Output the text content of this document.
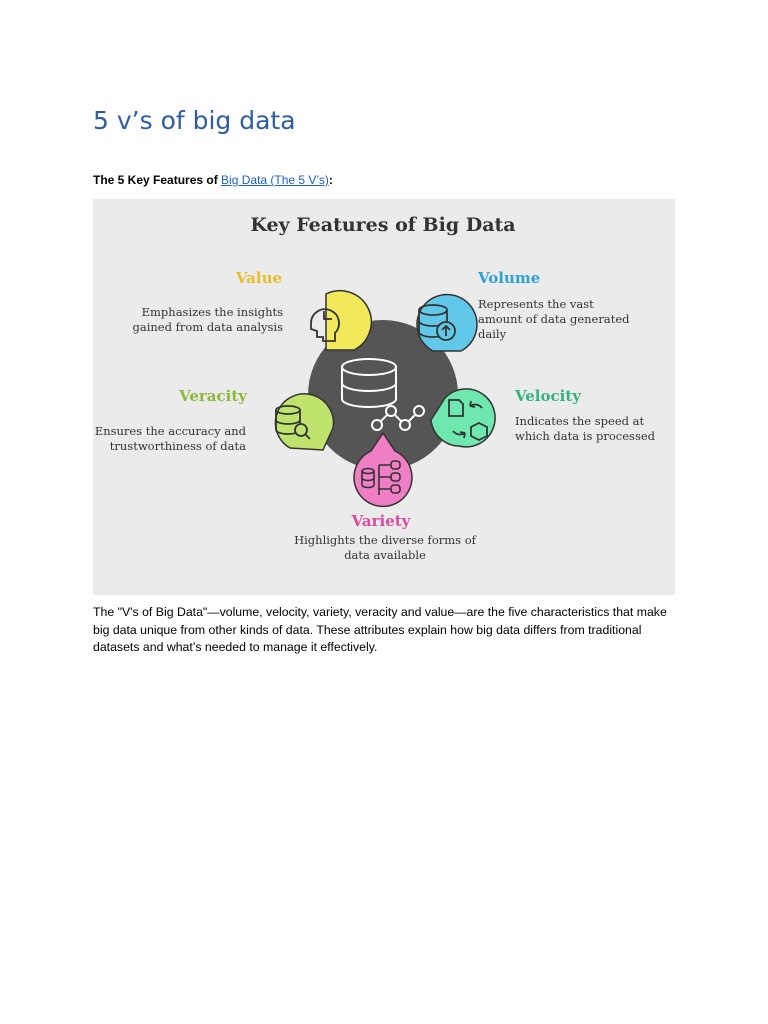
5 v’s of big data

The 5 Key Features of Big Data (The 5 V’s):

Key Features of Big Data
Value
Emphasizes the insights
gained from data analysis
Volume
Represents the vast
amount of data generated
daily
Veracity
Ensures the accuracy and
trustworthiness of data
Velocity
Indicates the speed at
which data is processed
Variety
Highlights the diverse forms of
data available

The "V's of Big Data"—volume, velocity, variety, veracity and value—are the five characteristics that make big data unique from other kinds of data. These attributes explain how big data differs from traditional datasets and what’s needed to manage it effectively.
